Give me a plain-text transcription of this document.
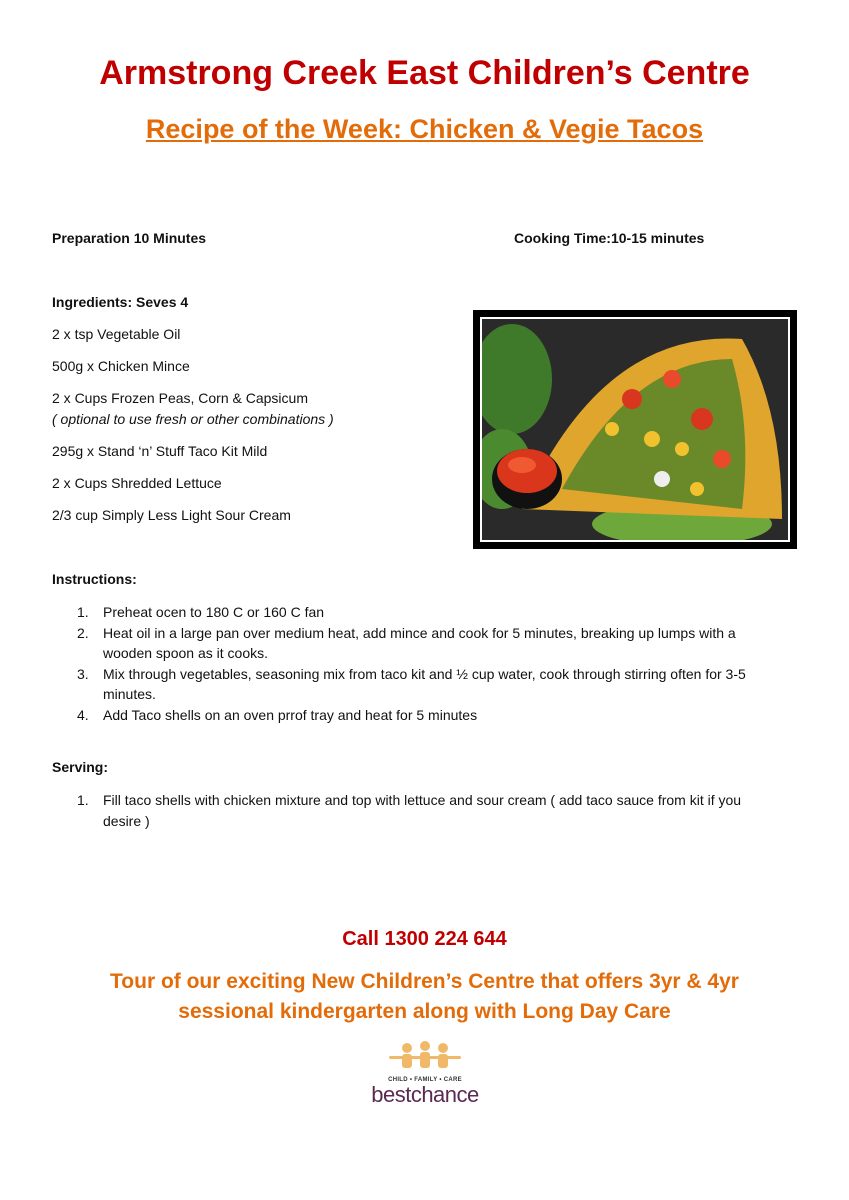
Armstrong Creek East Children’s Centre
Recipe of the Week: Chicken & Vegie Tacos
Preparation 10 Minutes	Cooking Time:10-15 minutes
Ingredients: Seves 4
2 x tsp Vegetable Oil
500g x Chicken Mince
2 x Cups Frozen Peas, Corn & Capsicum
( optional to use fresh or other combinations )
295g x Stand ‘n’ Stuff Taco Kit Mild
2 x Cups Shredded Lettuce
2/3 cup Simply Less Light Sour Cream
Instructions:
1. Preheat ocen to 180 C or 160 C fan
2. Heat oil in a large pan over medium heat, add mince and cook for 5 minutes, breaking up lumps with a wooden spoon as it cooks.
3. Mix through vegetables, seasoning mix from taco kit and ½ cup water, cook through stirring often for 3-5 minutes.
4. Add Taco shells on an oven prrof tray and heat for 5 minutes
Serving:
1. Fill taco shells with chicken mixture and top with lettuce and sour cream ( add taco sauce from kit if you desire )
Call 1300 224 644
Tour of our exciting New Children’s Centre that offers 3yr & 4yr sessional kindergarten along with Long Day Care
CHILD • FAMILY • CARE
bestchance
